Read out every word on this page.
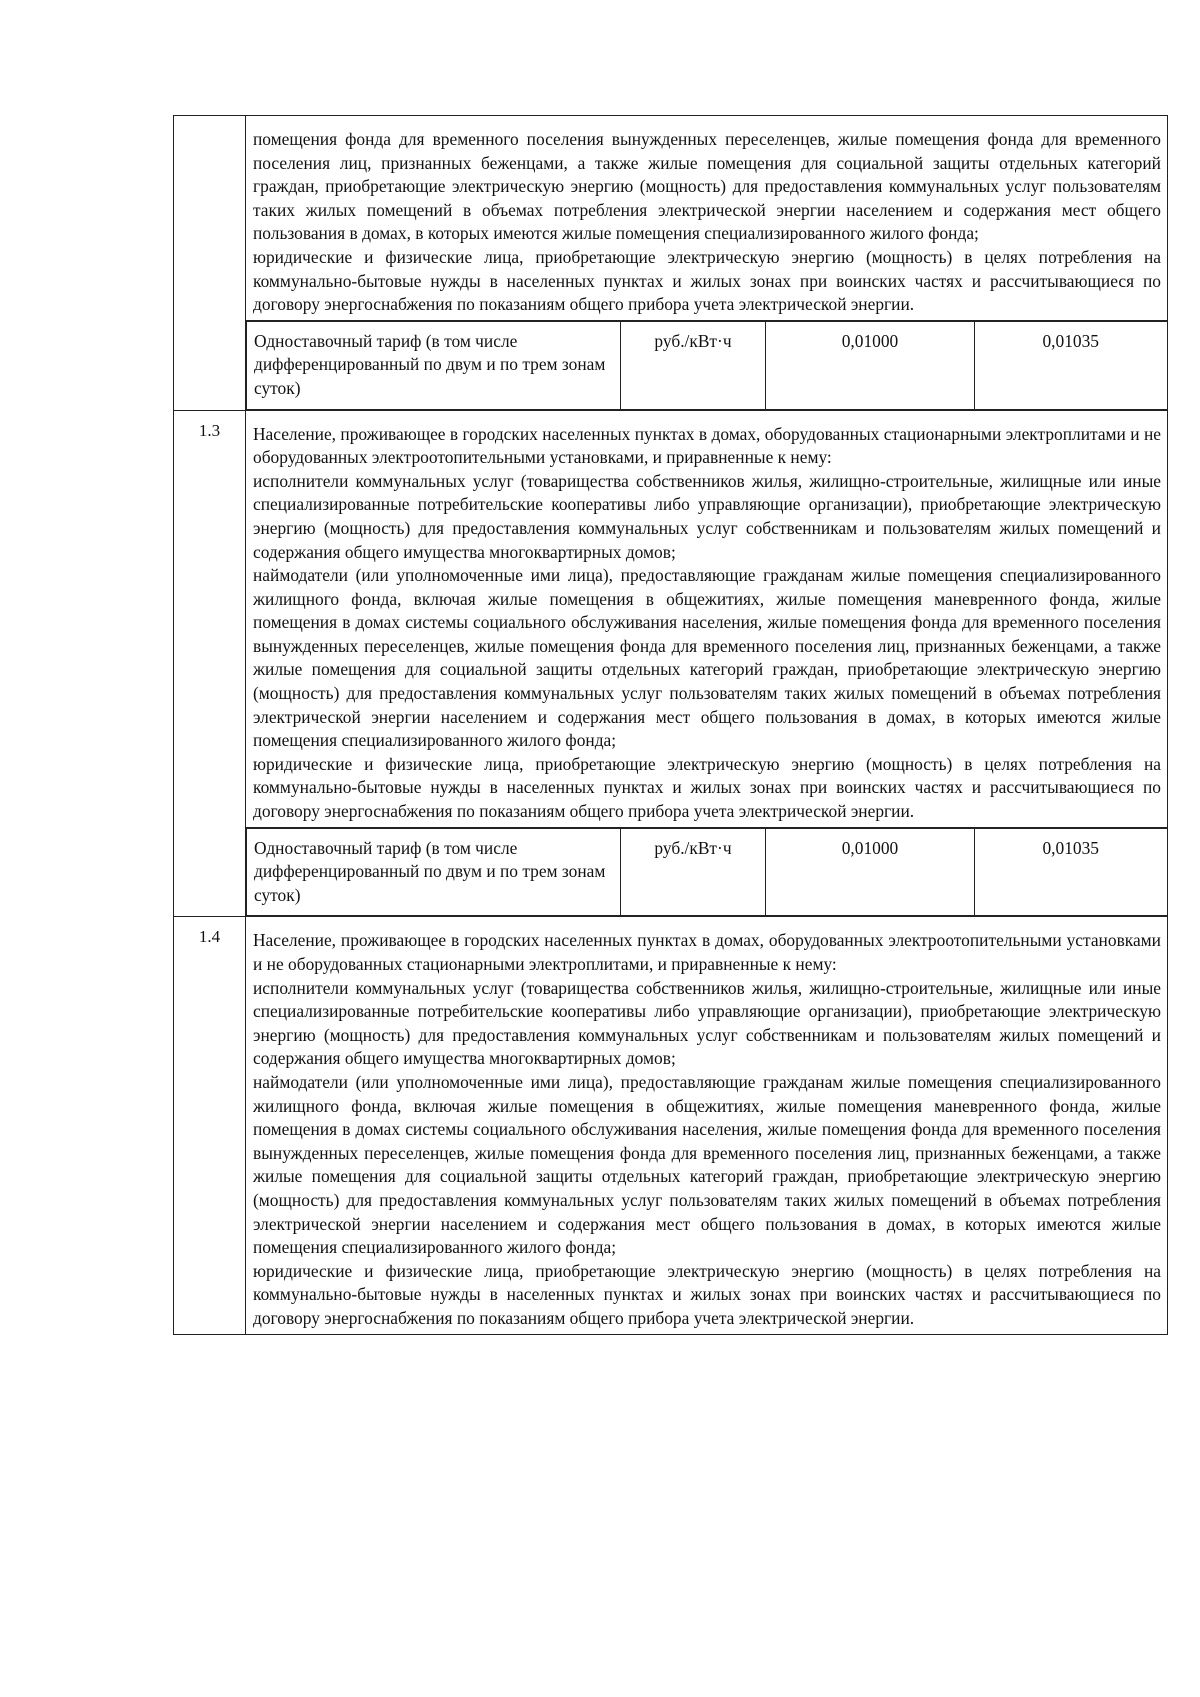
помещения фонда для временного поселения вынужденных переселенцев, жилые помещения фонда для временного поселения лиц, признанных беженцами, а также жилые помещения для социальной защиты отдельных категорий граждан, приобретающие электрическую энергию (мощность) для предоставления коммунальных услуг пользователям таких жилых помещений в объемах потребления электрической энергии населением и содержания мест общего пользования в домах, в которых имеются жилые помещения специализированного жилого фонда;

юридические и физические лица, приобретающие электрическую энергию (мощность) в целях потребления на коммунально-бытовые нужды в населенных пунктах и жилых зонах при воинских частях и рассчитывающиеся по договору энергоснабжения по показаниям общего прибора учета электрической энергии.

Одноставочный тариф (в том числе дифференцированный по двум и по трем зонам суток)	руб./кВт·ч	0,01000	0,01035

1.3	Население, проживающее в городских населенных пунктах в домах, оборудованных стационарными электроплитами и не оборудованных электроотопительными установками, и приравненные к нему:

исполнители коммунальных услуг (товарищества собственников жилья, жилищно-строительные, жилищные или иные специализированные потребительские кооперативы либо управляющие организации), приобретающие электрическую энергию (мощность) для предоставления коммунальных услуг собственникам и пользователям жилых помещений и содержания общего имущества многоквартирных домов;

наймодатели (или уполномоченные ими лица), предоставляющие гражданам жилые помещения специализированного жилищного фонда, включая жилые помещения в общежитиях, жилые помещения маневренного фонда, жилые помещения в домах системы социального обслуживания населения, жилые помещения фонда для временного поселения вынужденных переселенцев, жилые помещения фонда для временного поселения лиц, признанных беженцами, а также жилые помещения для социальной защиты отдельных категорий граждан, приобретающие электрическую энергию (мощность) для предоставления коммунальных услуг пользователям таких жилых помещений в объемах потребления электрической энергии населением и содержания мест общего пользования в домах, в которых имеются жилые помещения специализированного жилого фонда;

юридические и физические лица, приобретающие электрическую энергию (мощность) в целях потребления на коммунально-бытовые нужды в населенных пунктах и жилых зонах при воинских частях и рассчитывающиеся по договору энергоснабжения по показаниям общего прибора учета электрической энергии.

Одноставочный тариф (в том числе дифференцированный по двум и по трем зонам суток)	руб./кВт·ч	0,01000	0,01035

1.4	Население, проживающее в городских населенных пунктах в домах, оборудованных электроотопительными установками и не оборудованных стационарными электроплитами, и приравненные к нему:

исполнители коммунальных услуг (товарищества собственников жилья, жилищно-строительные, жилищные или иные специализированные потребительские кооперативы либо управляющие организации), приобретающие электрическую энергию (мощность) для предоставления коммунальных услуг собственникам и пользователям жилых помещений и содержания общего имущества многоквартирных домов;

наймодатели (или уполномоченные ими лица), предоставляющие гражданам жилые помещения специализированного жилищного фонда, включая жилые помещения в общежитиях, жилые помещения маневренного фонда, жилые помещения в домах системы социального обслуживания населения, жилые помещения фонда для временного поселения вынужденных переселенцев, жилые помещения фонда для временного поселения лиц, признанных беженцами, а также жилые помещения для социальной защиты отдельных категорий граждан, приобретающие электрическую энергию (мощность) для предоставления коммунальных услуг пользователям таких жилых помещений в объемах потребления электрической энергии населением и содержания мест общего пользования в домах, в которых имеются жилые помещения специализированного жилого фонда;

юридические и физические лица, приобретающие электрическую энергию (мощность) в целях потребления на коммунально-бытовые нужды в населенных пунктах и жилых зонах при воинских частях и рассчитывающиеся по договору энергоснабжения по показаниям общего прибора учета электрической энергии.
